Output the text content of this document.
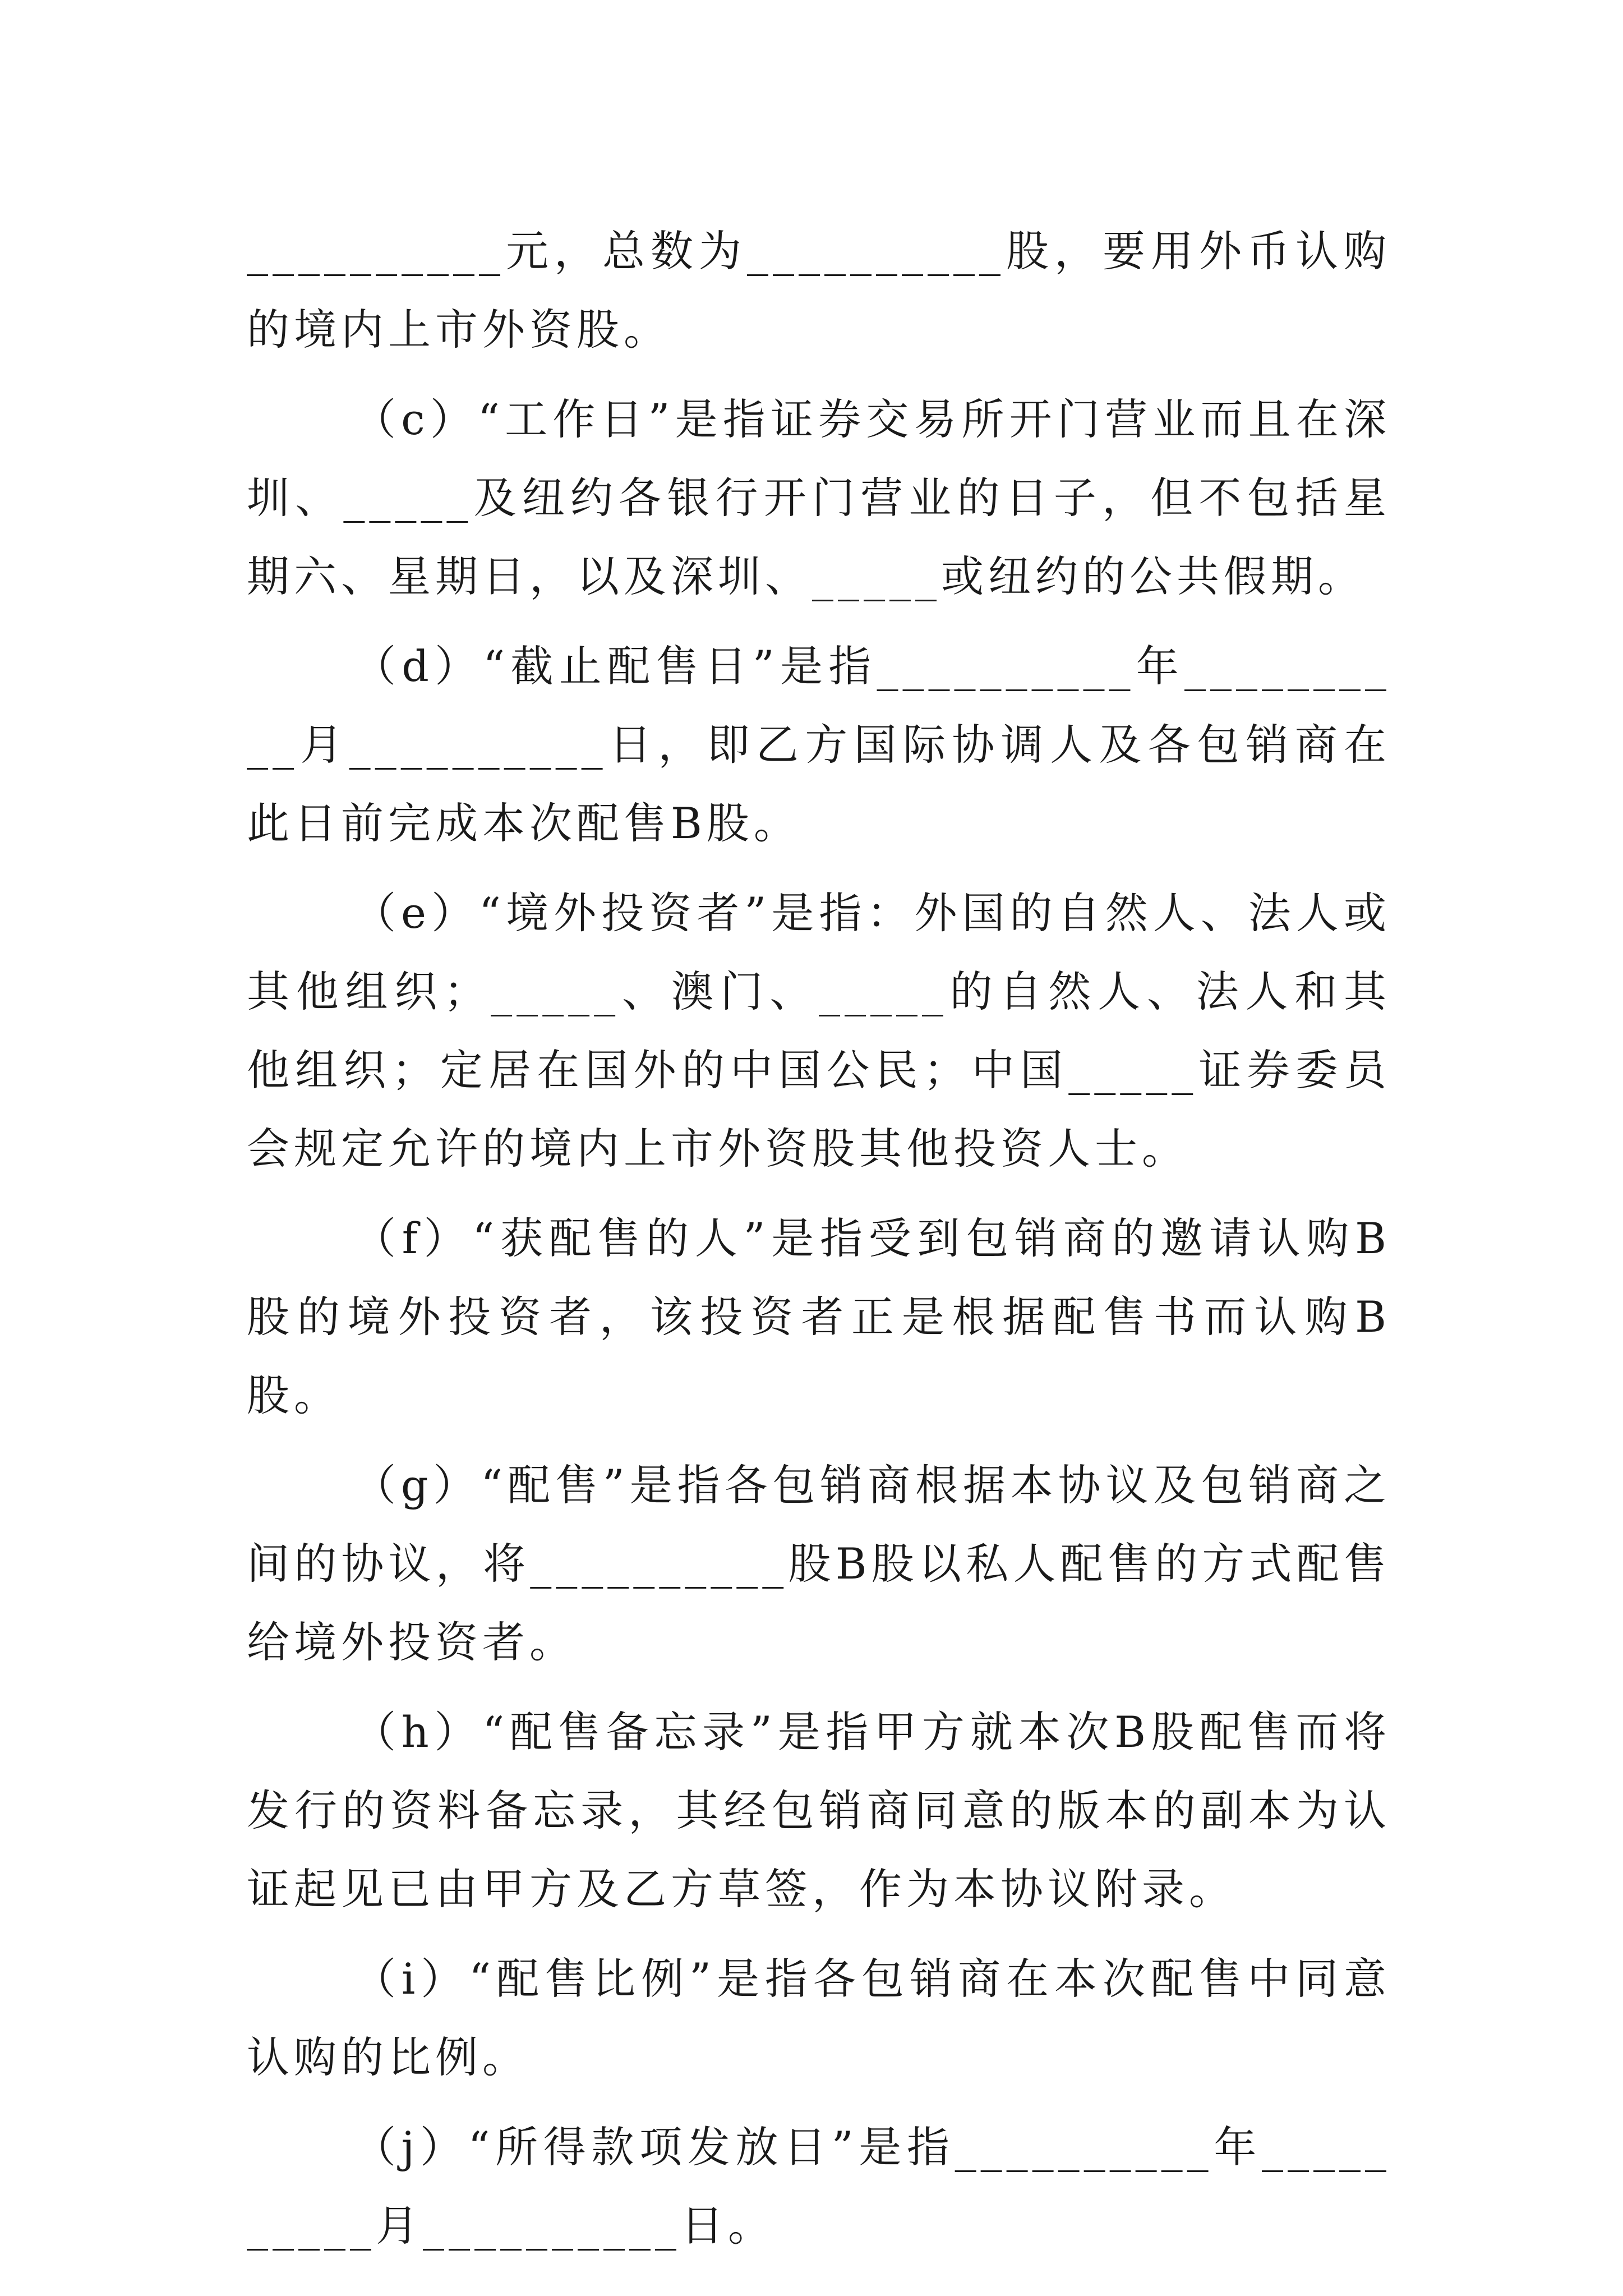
__________元，总数为__________股，要用外币认购的境内上市外资股。

（c）“工作日”是指证券交易所开门营业而且在深圳、_____及纽约各银行开门营业的日子，但不包括星期六、星期日，以及深圳、_____或纽约的公共假期。

（d）“截止配售日”是指__________年__________月__________日，即乙方国际协调人及各包销商在此日前完成本次配售B股。

（e）“境外投资者”是指：外国的自然人、法人或其他组织；_____、澳门、_____的自然人、法人和其他组织；定居在国外的中国公民；中国_____证券委员会规定允许的境内上市外资股其他投资人士。

（f）“获配售的人”是指受到包销商的邀请认购B股的境外投资者，该投资者正是根据配售书而认购B股。

（g）“配售”是指各包销商根据本协议及包销商之间的协议，将__________股B股以私人配售的方式配售给境外投资者。

（h）“配售备忘录”是指甲方就本次B股配售而将发行的资料备忘录，其经包销商同意的版本的副本为认证起见已由甲方及乙方草签，作为本协议附录。

（i）“配售比例”是指各包销商在本次配售中同意认购的比例。

（j）“所得款项发放日”是指__________年__________月__________日。
